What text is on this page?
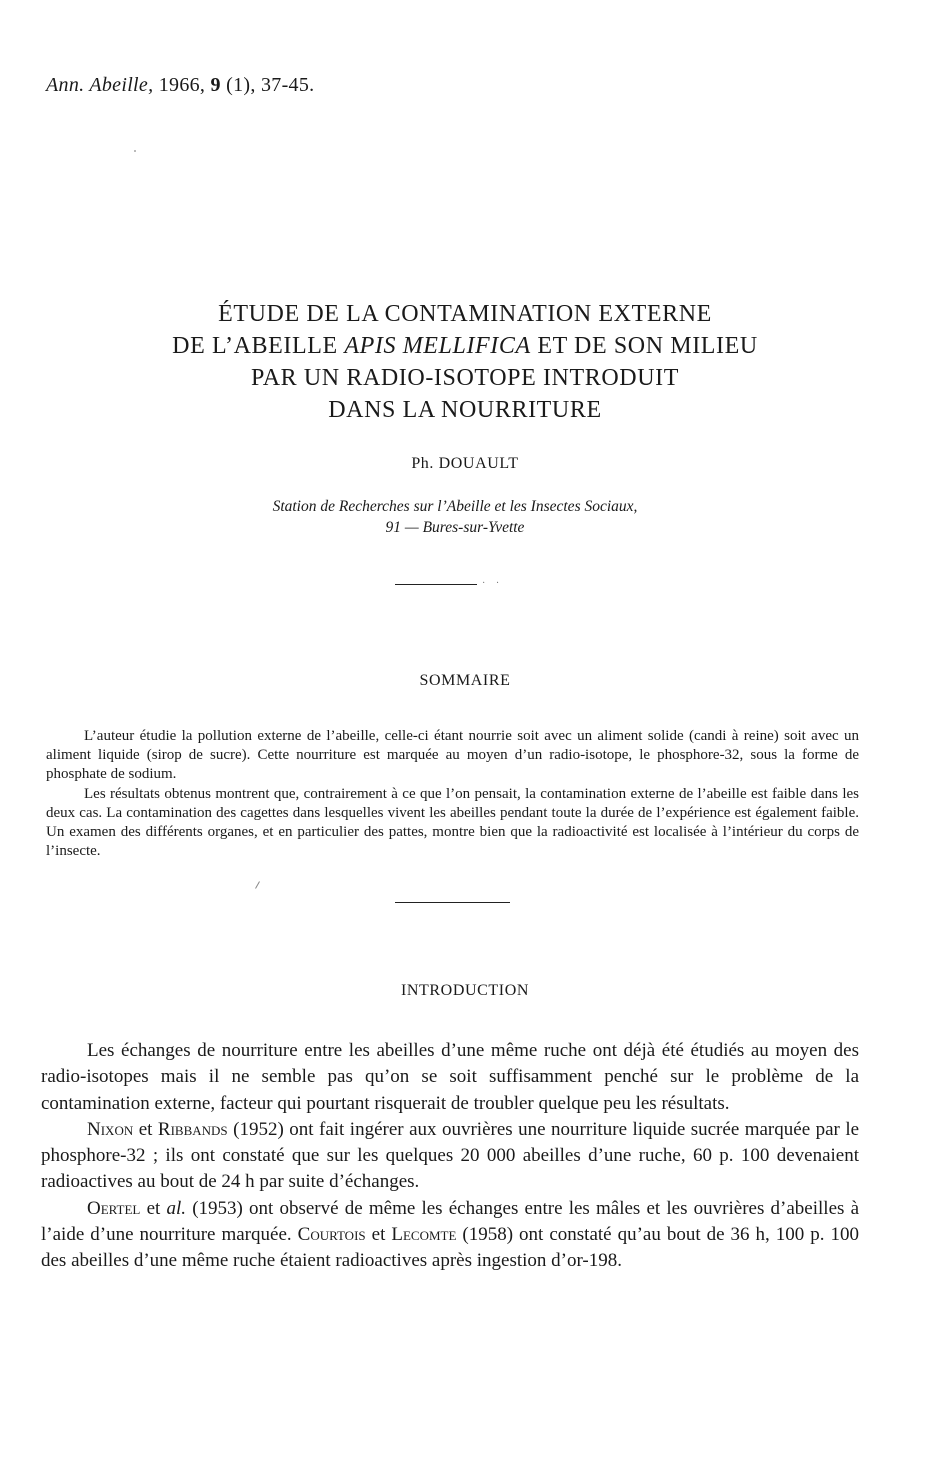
Ann. Abeille, 1966, 9 (1), 37-45.
ÉTUDE DE LA CONTAMINATION EXTERNE
DE L’ABEILLE APIS MELLIFICA ET DE SON MILIEU
PAR UN RADIO-ISOTOPE INTRODUIT
DANS LA NOURRITURE
Ph. DOUAULT
Station de Recherches sur l’Abeille et les Insectes Sociaux,
91 — Bures-sur-Yvette
· ·
SOMMAIRE

L’auteur étudie la pollution externe de l’abeille, celle-ci étant nourrie soit avec un aliment solide (candi à reine) soit avec un aliment liquide (sirop de sucre). Cette nourriture est marquée au moyen d’un radio-isotope, le phosphore-32, sous la forme de phosphate de sodium.

Les résultats obtenus montrent que, contrairement à ce que l’on pensait, la contamination externe de l’abeille est faible dans les deux cas. La contamination des cagettes dans lesquelles vivent les abeilles pendant toute la durée de l’expérience est également faible. Un examen des différents organes, et en particulier des pattes, montre bien que la radioactivité est localisée à l’intérieur du corps de l’insecte.

INTRODUCTION

Les échanges de nourriture entre les abeilles d’une même ruche ont déjà été étudiés au moyen des radio-isotopes mais il ne semble pas qu’on se soit suffisamment penché sur le problème de la contamination externe, facteur qui pourtant risquerait de troubler quelque peu les résultats.

Nixon et Ribbands (1952) ont fait ingérer aux ouvrières une nourriture liquide sucrée marquée par le phosphore-32 ; ils ont constaté que sur les quelques 20 000 abeilles d’une ruche, 60 p. 100 devenaient radioactives au bout de 24 h par suite d’échanges.

Oertel et al. (1953) ont observé de même les échanges entre les mâles et les ouvrières d’abeilles à l’aide d’une nourriture marquée. Courtois et Lecomte (1958) ont constaté qu’au bout de 36 h, 100 p. 100 des abeilles d’une même ruche étaient radioactives après ingestion d’or-198.
